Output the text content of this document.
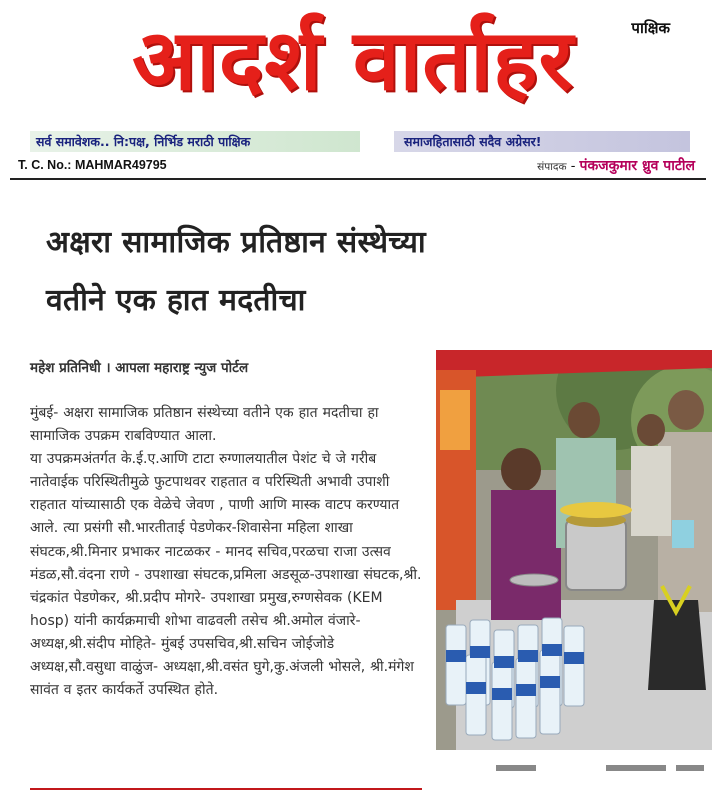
पाक्षिक
आदर्श वार्ताहर
सर्व समावेशक.. नि:पक्ष, निर्भिड मराठी पाक्षिक	समाजहितासाठी सदैव अग्रेसर!
T. C. No.: MAHMAR49795	संपादक - पंकजकुमार ध्रुव पाटील
अक्षरा सामाजिक प्रतिष्ठान संस्थेच्या
वतीने एक हात मदतीचा
महेश प्रतिनिधी । आपला महाराष्ट्र न्युज पोर्टल

मुंबई- अक्षरा सामाजिक प्रतिष्ठान संस्थेच्या वतीने एक हात मदतीचा हा सामाजिक उपक्रम राबविण्यात आला.

या उपक्रमअंतर्गत के.ई.ए.आणि टाटा रुग्णालयातील पेशंट चे जे गरीब नातेवाईक परिस्थितीमुळे फुटपाथवर राहतात व परिस्थिती अभावी उपाशी राहतात यांच्यासाठी एक वेळेचे जेवण , पाणी आणि मास्क वाटप करण्यात आले. त्या प्रसंगी सौ.भारतीताई पेडणेकर-शिवासेना महिला शाखा संघटक,श्री.मिनार प्रभाकर नाटळकर - मानद सचिव,परळचा राजा उत्सव मंडळ,सौ.वंदना राणे - उपशाखा संघटक,प्रमिला अडसूळ-उपशाखा संघटक,श्री. चंद्रकांत पेडणेकर, श्री.प्रदीप मोगरे- उपशाखा प्रमुख,रुग्णसेवक (KEM hosp) यांनी कार्यक्रमाची शोभा वाढवली तसेच श्री.अमोल वंजारे- अध्यक्ष,श्री.संदीप मोहिते- मुंबई उपसचिव,श्री.सचिन जोईजोडे अध्यक्ष,सौ.वसुधा वाळुंज- अध्यक्षा,श्री.वसंत घुगे,कु.अंजली भोसले, श्री.मंगेश सावंत व इतर कार्यकर्ते उपस्थित होते.
